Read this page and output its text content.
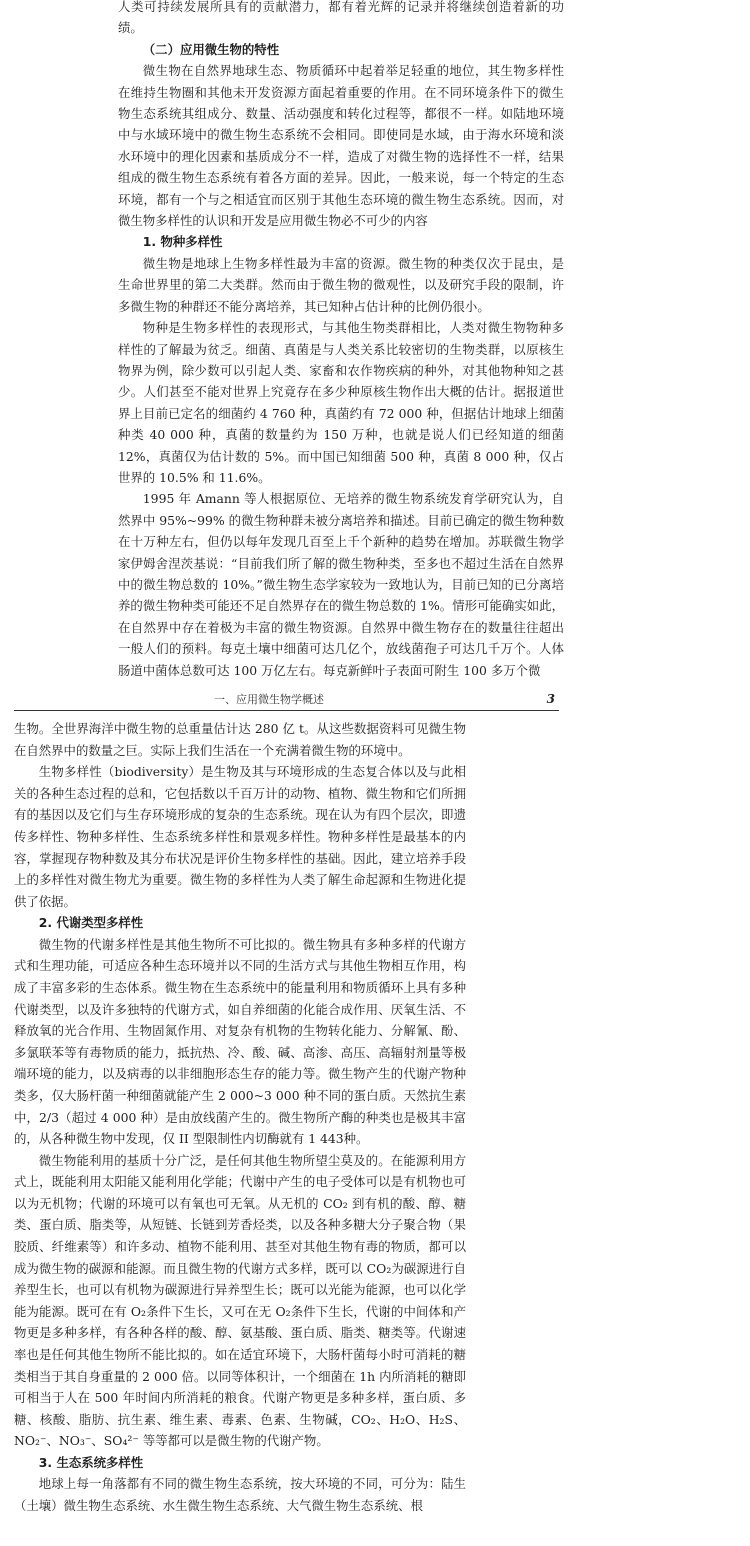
人类可持续发展所具有的贡献潜力，都有着光辉的记录并将继续创造着新的功绩。

（二）应用微生物的特性

微生物在自然界地球生态、物质循环中起着举足轻重的地位，其生物多样性在维持生物圈和其他未开发资源方面起着重要的作用。在不同环境条件下的微生物生态系统其组成分、数量、活动强度和转化过程等，都很不一样。如陆地环境中与水域环境中的微生物生态系统不会相同。即使同是水域，由于海水环境和淡水环境中的理化因素和基质成分不一样，造成了对微生物的选择性不一样，结果组成的微生物生态系统有着各方面的差异。因此，一般来说，每一个特定的生态环境，都有一个与之相适宜而区别于其他生态环境的微生物生态系统。因而，对微生物多样性的认识和开发是应用微生物必不可少的内容

1. 物种多样性

微生物是地球上生物多样性最为丰富的资源。微生物的种类仅次于昆虫，是生命世界里的第二大类群。然而由于微生物的微观性，以及研究手段的限制，许多微生物的种群还不能分离培养，其已知种占估计种的比例仍很小。

物种是生物多样性的表现形式，与其他生物类群相比，人类对微生物物种多样性的了解最为贫乏。细菌、真菌是与人类关系比较密切的生物类群，以原核生物界为例，除少数可以引起人类、家畜和农作物疾病的种外，对其他物种知之甚少。人们甚至不能对世界上究竟存在多少种原核生物作出大概的估计。据报道世界上目前已定名的细菌约 4 760 种，真菌约有 72 000 种，但据估计地球上细菌种类 40 000 种，真菌的数量约为 150 万种，也就是说人们已经知道的细菌 12%，真菌仅为估计数的 5%。而中国已知细菌 500 种，真菌 8 000 种，仅占世界的 10.5% 和 11.6%。

1995 年 Amann 等人根据原位、无培养的微生物系统发育学研究认为，自然界中 95%~99% 的微生物种群未被分离培养和描述。目前已确定的微生物种数在十万种左右，但仍以每年发现几百至上千个新种的趋势在增加。苏联微生物学家伊姆舍涅茨基说：“目前我们所了解的微生物种类，至多也不超过生活在自然界中的微生物总数的 10%。”微生物生态学家较为一致地认为，目前已知的已分离培养的微生物种类可能还不足自然界存在的微生物总数的 1%。情形可能确实如此，在自然界中存在着极为丰富的微生物资源。自然界中微生物存在的数量往往超出一般人们的预料。每克土壤中细菌可达几亿个，放线菌孢子可达几千万个。人体肠道中菌体总数可达 100 万亿左右。每克新鲜叶子表面可附生 100 多万个微

一、应用微生物学概述	3

生物。全世界海洋中微生物的总重量估计达 280 亿 t。从这些数据资料可见微生物在自然界中的数量之巨。实际上我们生活在一个充满着微生物的环境中。

生物多样性（biodiversity）是生物及其与环境形成的生态复合体以及与此相关的各种生态过程的总和，它包括数以千百万计的动物、植物、微生物和它们所拥有的基因以及它们与生存环境形成的复杂的生态系统。现在认为有四个层次，即遗传多样性、物种多样性、生态系统多样性和景观多样性。物种多样性是最基本的内容，掌握现存物种数及其分布状况是评价生物多样性的基础。因此，建立培养手段上的多样性对微生物尤为重要。微生物的多样性为人类了解生命起源和生物进化提供了依据。

2. 代谢类型多样性

微生物的代谢多样性是其他生物所不可比拟的。微生物具有多种多样的代谢方式和生理功能，可适应各种生态环境并以不同的生活方式与其他生物相互作用，构成了丰富多彩的生态体系。微生物在生态系统中的能量利用和物质循环上具有多种代谢类型，以及许多独特的代谢方式，如自养细菌的化能合成作用、厌氧生活、不释放氧的光合作用、生物固氮作用、对复杂有机物的生物转化能力、分解氰、酚、多氯联苯等有毒物质的能力，抵抗热、冷、酸、碱、高渗、高压、高辐射剂量等极端环境的能力，以及病毒的以非细胞形态生存的能力等。微生物产生的代谢产物种类多，仅大肠杆菌一种细菌就能产生 2 000~3 000 种不同的蛋白质。天然抗生素中，2/3（超过 4 000 种）是由放线菌产生的。微生物所产酶的种类也是极其丰富的，从各种微生物中发现，仅 II 型限制性内切酶就有 1 443种。

微生物能利用的基质十分广泛，是任何其他生物所望尘莫及的。在能源利用方式上，既能利用太阳能又能利用化学能；代谢中产生的电子受体可以是有机物也可以为无机物；代谢的环境可以有氧也可无氧。从无机的 CO₂ 到有机的酸、醇、糖类、蛋白质、脂类等，从短链、长链到芳香烃类，以及各种多糖大分子聚合物（果胶质、纤维素等）和许多动、植物不能利用、甚至对其他生物有毒的物质，都可以成为微生物的碳源和能源。而且微生物的代谢方式多样，既可以 CO₂为碳源进行自养型生长，也可以有机物为碳源进行异养型生长；既可以光能为能源，也可以化学能为能源。既可在有 O₂条件下生长，又可在无 O₂条件下生长，代谢的中间体和产物更是多种多样，有各种各样的酸、醇、氨基酸、蛋白质、脂类、糖类等。代谢速率也是任何其他生物所不能比拟的。如在适宜环境下，大肠杆菌每小时可消耗的糖类相当于其自身重量的 2 000 倍。以同等体积计，一个细菌在 1h 内所消耗的糖即可相当于人在 500 年时间内所消耗的粮食。代谢产物更是多种多样，蛋白质、多糖、核酸、脂肪、抗生素、维生素、毒素、色素、生物碱，CO₂、H₂O、H₂S、NO₂⁻、NO₃⁻、SO₄²⁻ 等等都可以是微生物的代谢产物。

3. 生态系统多样性

地球上每一角落都有不同的微生物生态系统，按大环境的不同，可分为：陆生（土壤）微生物生态系统、水生微生物生态系统、大气微生物生态系统、根
